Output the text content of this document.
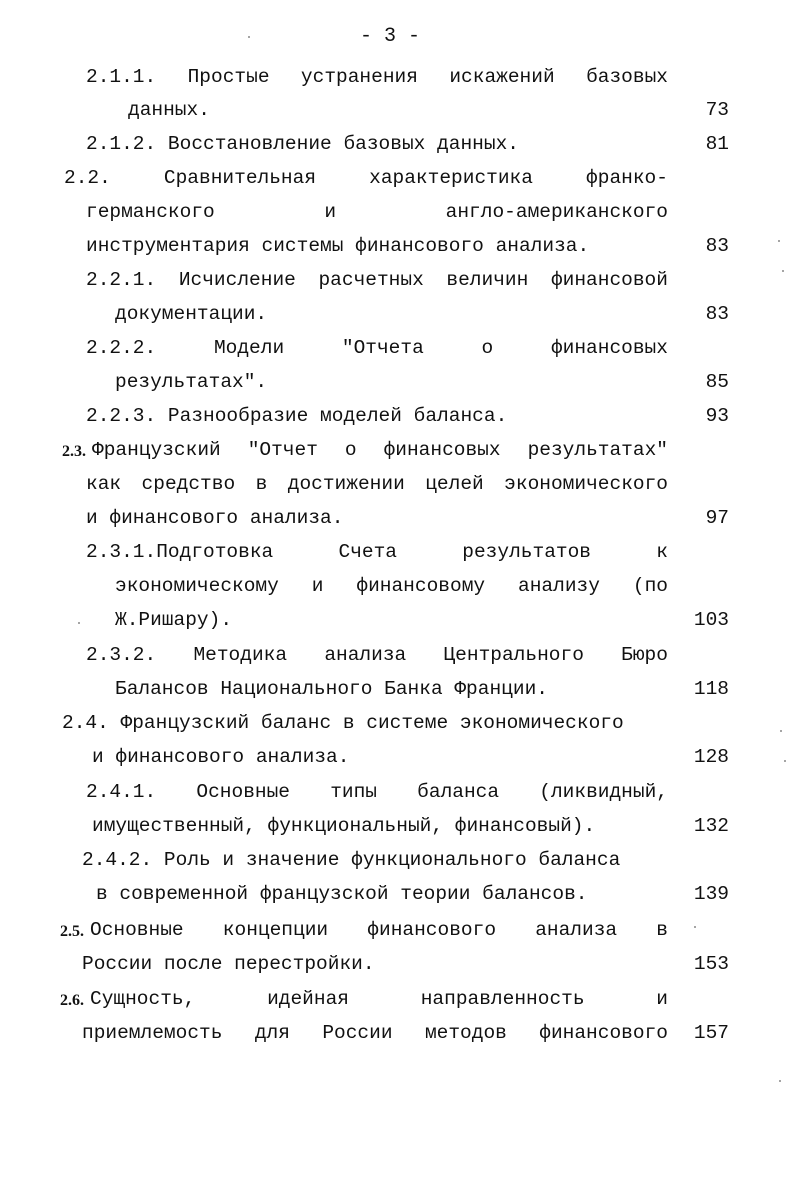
- 3 -
2.1.1. Простые устранения искажений базовых
данных.	73
2.1.2. Восстановление базовых данных.	81
2.2.	Сравнительная	характеристика	франко-
германского	и	англо-американского
инструментария системы финансового анализа.	83
2.2.1. Исчисление расчетных величин финансовой
документации.	83
2.2.2.	Модели	"Отчета	о	финансовых
результатах".	85
2.2.3. Разнообразие моделей баланса.	93
2.3. Французский "Отчет о финансовых результатах"
как средство в достижении целей экономического
и финансового анализа.	97
2.3.1.Подготовка	Счета	результатов	к
экономическому и финансовому анализу (по
Ж.Ришару).	103
2.3.2. Методика анализа Центрального Бюро
Балансов Национального Банка Франции.	118
2.4. Французский баланс в системе экономического
и финансового анализа.	128
2.4.1. Основные типы баланса (ликвидный,
имущественный, функциональный, финансовый).	132
2.4.2. Роль и значение функционального баланса
в современной французской теории балансов.	139
2.5. Основные концепции финансового анализа в
России после перестройки.	153
2.6. Сущность,	идейная	направленность	и
приемлемость для России методов финансового 157
